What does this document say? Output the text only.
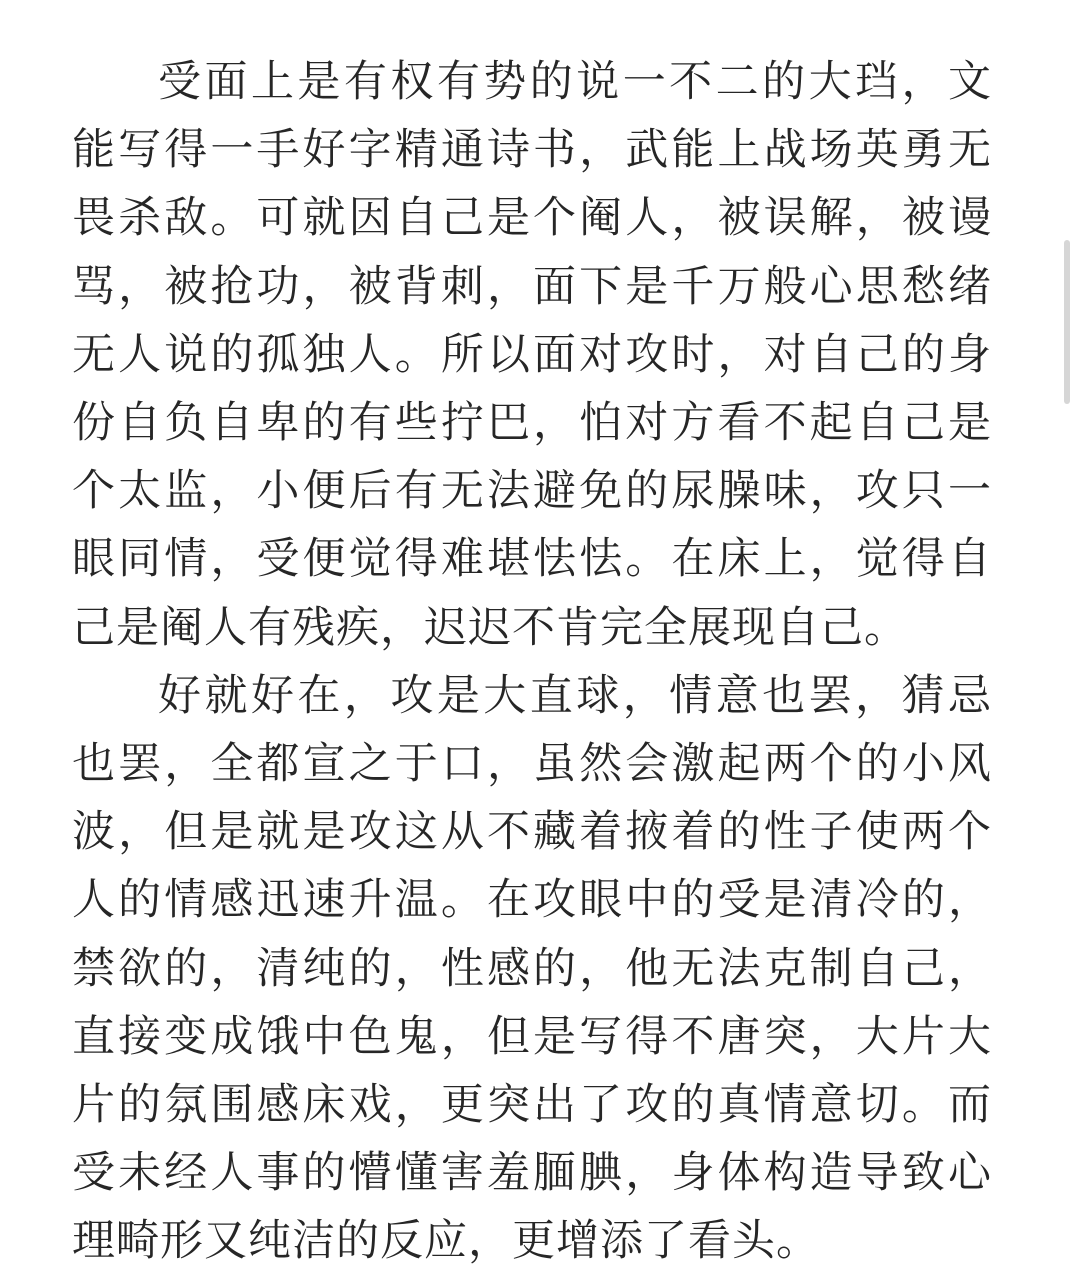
受面上是有权有势的说一不二的大珰，文能写得一手好字精通诗书，武能上战场英勇无畏杀敌。可就因自己是个阉人，被误解，被谩骂，被抢功，被背刺，面下是千万般心思愁绪无人说的孤独人。所以面对攻时，对自己的身份自负自卑的有些拧巴，怕对方看不起自己是个太监，小便后有无法避免的尿臊味，攻只一眼同情，受便觉得难堪怯怯。在床上，觉得自己是阉人有残疾，迟迟不肯完全展现自己。

好就好在，攻是大直球，情意也罢，猜忌也罢，全都宣之于口，虽然会激起两个的小风波，但是就是攻这从不藏着掖着的性子使两个人的情感迅速升温。在攻眼中的受是清冷的，禁欲的，清纯的，性感的，他无法克制自己，直接变成饿中色鬼，但是写得不唐突，大片大片的氛围感床戏，更突出了攻的真情意切。而受未经人事的懵懂害羞腼腆，身体构造导致心理畸形又纯洁的反应，更增添了看头。
